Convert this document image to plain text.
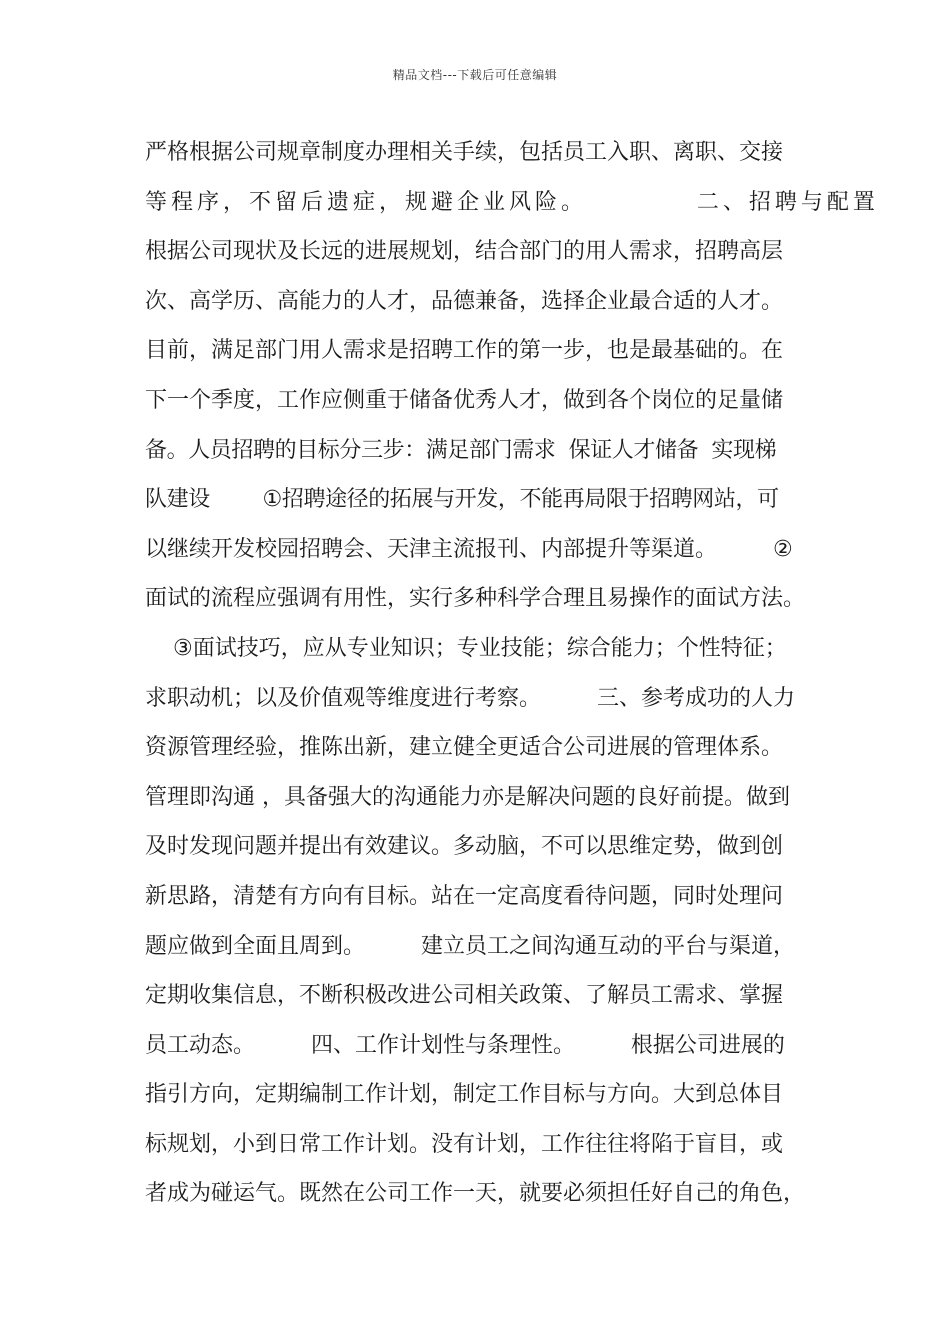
精品文档---下载后可任意编辑
严格根据公司规章制度办理相关手续，包括员工入职、离职、交接
等程序，不留后遗症，规避企业风险。          二、招聘与配置
根据公司现状及长远的进展规划，结合部门的用人需求，招聘高层
次、高学历、高能力的人才，品德兼备，选择企业最合适的人才。
目前，满足部门用人需求是招聘工作的第一步，也是最基础的。在
下一个季度，工作应侧重于储备优秀人才，做到各个岗位的足量储
备。人员招聘的目标分三步：满足部门需求  保证人才储备  实现梯
队建设        ①招聘途径的拓展与开发，不能再局限于招聘网站，可
以继续开发校园招聘会、天津主流报刊、内部提升等渠道。        ②
面试的流程应强调有用性，实行多种科学合理且易操作的面试方法。
③面试技巧，应从专业知识；专业技能；综合能力；个性特征；
求职动机；以及价值观等维度进行考察。        三、参考成功的人力
资源管理经验，推陈出新，建立健全更适合公司进展的管理体系。
管理即沟通 ，具备强大的沟通能力亦是解决问题的良好前提。做到
及时发现问题并提出有效建议。多动脑，不可以思维定势，做到创
新思路，清楚有方向有目标。站在一定高度看待问题，同时处理问
题应做到全面且周到。        建立员工之间沟通互动的平台与渠道，
定期收集信息，不断积极改进公司相关政策、了解员工需求、掌握
员工动态。        四、工作计划性与条理性。        根据公司进展的
指引方向，定期编制工作计划，制定工作目标与方向。大到总体目
标规划，小到日常工作计划。没有计划，工作往往将陷于盲目，或
者成为碰运气。既然在公司工作一天，就要必须担任好自己的角色，
